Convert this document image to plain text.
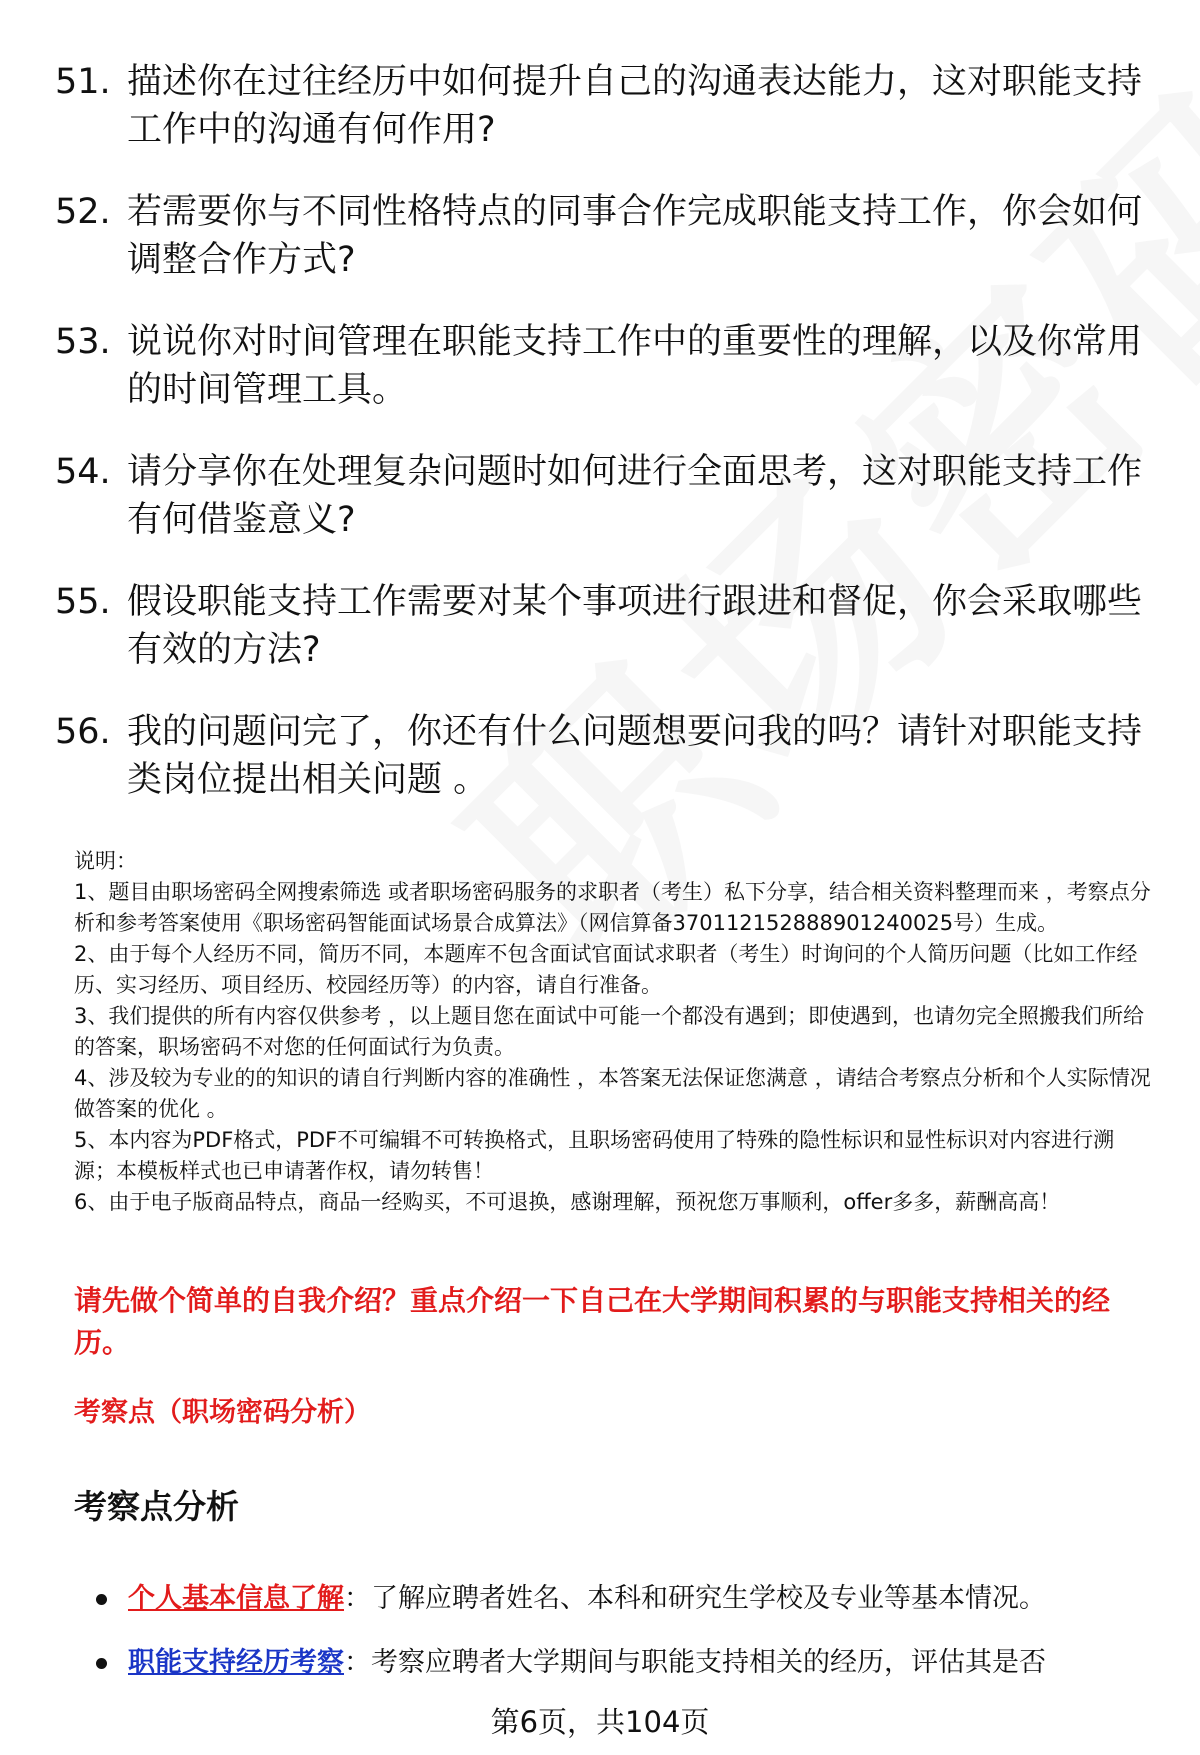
51. 描述你在过往经历中如何提升自己的沟通表达能力，这对职能支持工作中的沟通有何作用?
52. 若需要你与不同性格特点的同事合作完成职能支持工作，你会如何调整合作方式?
53. 说说你对时间管理在职能支持工作中的重要性的理解，以及你常用的时间管理工具。
54. 请分享你在处理复杂问题时如何进行全面思考，这对职能支持工作有何借鉴意义?
55. 假设职能支持工作需要对某个事项进行跟进和督促，你会采取哪些有效的方法?
56. 我的问题问完了，你还有什么问题想要问我的吗？请针对职能支持类岗位提出相关问题 。
说明：
1、题目由职场密码全网搜索筛选 或者职场密码服务的求职者（考生）私下分享，结合相关资料整理而来 ，考察点分析和参考答案使用《职场密码智能面试场景合成算法》（网信算备370112152888901240025号）生成。
2、由于每个人经历不同，简历不同，本题库不包含面试官面试求职者（考生）时询问的个人简历问题（比如工作经历、实习经历、项目经历、校园经历等）的内容，请自行准备。
3、我们提供的所有内容仅供参考 ，以上题目您在面试中可能一个都没有遇到；即使遇到，也请勿完全照搬我们所给的答案，职场密码不对您的任何面试行为负责。
4、涉及较为专业的的知识的请自行判断内容的准确性 ，本答案无法保证您满意 ，请结合考察点分析和个人实际情况做答案的优化 。
5、本内容为PDF格式，PDF不可编辑不可转换格式，且职场密码使用了特殊的隐性标识和显性标识对内容进行溯源；本模板样式也已申请著作权，请勿转售！
6、由于电子版商品特点，商品一经购买，不可退换，感谢理解，预祝您万事顺利，offer多多，薪酬高高！
请先做个简单的自我介绍？重点介绍一下自己在大学期间积累的与职能支持相关的经历。
考察点（职场密码分析）
考察点分析
个人基本信息了解：了解应聘者姓名、本科和研究生学校及专业等基本情况。
职能支持经历考察：考察应聘者大学期间与职能支持相关的经历，评估其是否
第6页，共104页
